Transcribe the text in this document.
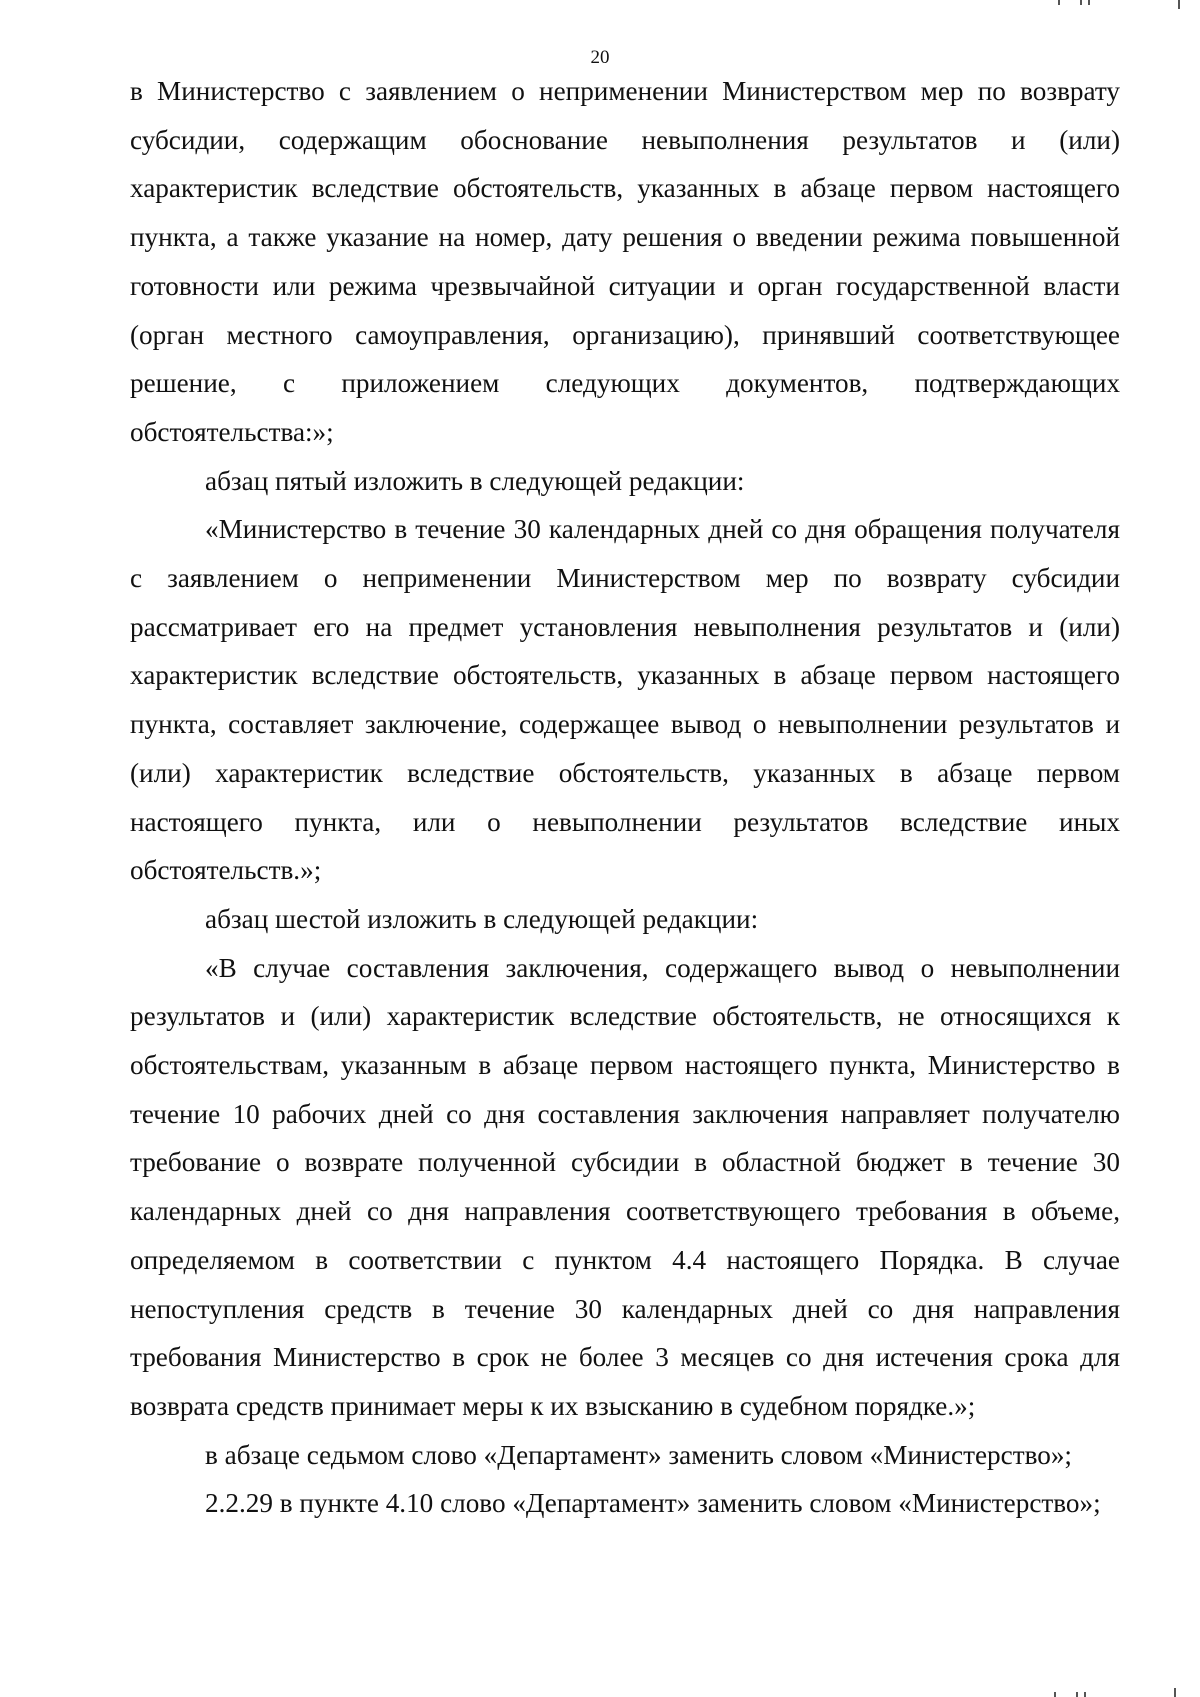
20

в Министерство с заявлением о неприменении Министерством мер по возврату субсидии, содержащим обоснование невыполнения результатов и (или) характеристик вследствие обстоятельств, указанных в абзаце первом настоящего пункта, а также указание на номер, дату решения о введении режима повышенной готовности или режима чрезвычайной ситуации и орган государственной власти (орган местного самоуправления, организацию), принявший соответствующее решение, с приложением следующих документов, подтверждающих обстоятельства:»;

абзац пятый изложить в следующей редакции:

«Министерство в течение 30 календарных дней со дня обращения получателя с заявлением о неприменении Министерством мер по возврату субсидии рассматривает его на предмет установления невыполнения результатов и (или) характеристик вследствие обстоятельств, указанных в абзаце первом настоящего пункта, составляет заключение, содержащее вывод о невыполнении результатов и (или) характеристик вследствие обстоятельств, указанных в абзаце первом настоящего пункта, или о невыполнении результатов вследствие иных обстоятельств.»;

абзац шестой изложить в следующей редакции:

«В случае составления заключения, содержащего вывод о невыполнении результатов и (или) характеристик вследствие обстоятельств, не относящихся к обстоятельствам, указанным в абзаце первом настоящего пункта, Министерство в течение 10 рабочих дней со дня составления заключения направляет получателю требование о возврате полученной субсидии в областной бюджет в течение 30 календарных дней со дня направления соответствующего требования в объеме, определяемом в соответствии с пунктом 4.4 настоящего Порядка. В случае непоступления средств в течение 30 календарных дней со дня направления требования Министерство в срок не более 3 месяцев со дня истечения срока для возврата средств принимает меры к их взысканию в судебном порядке.»;

в абзаце седьмом слово «Департамент» заменить словом «Министерство»;

2.2.29 в пункте 4.10 слово «Департамент» заменить словом «Министерство»;
